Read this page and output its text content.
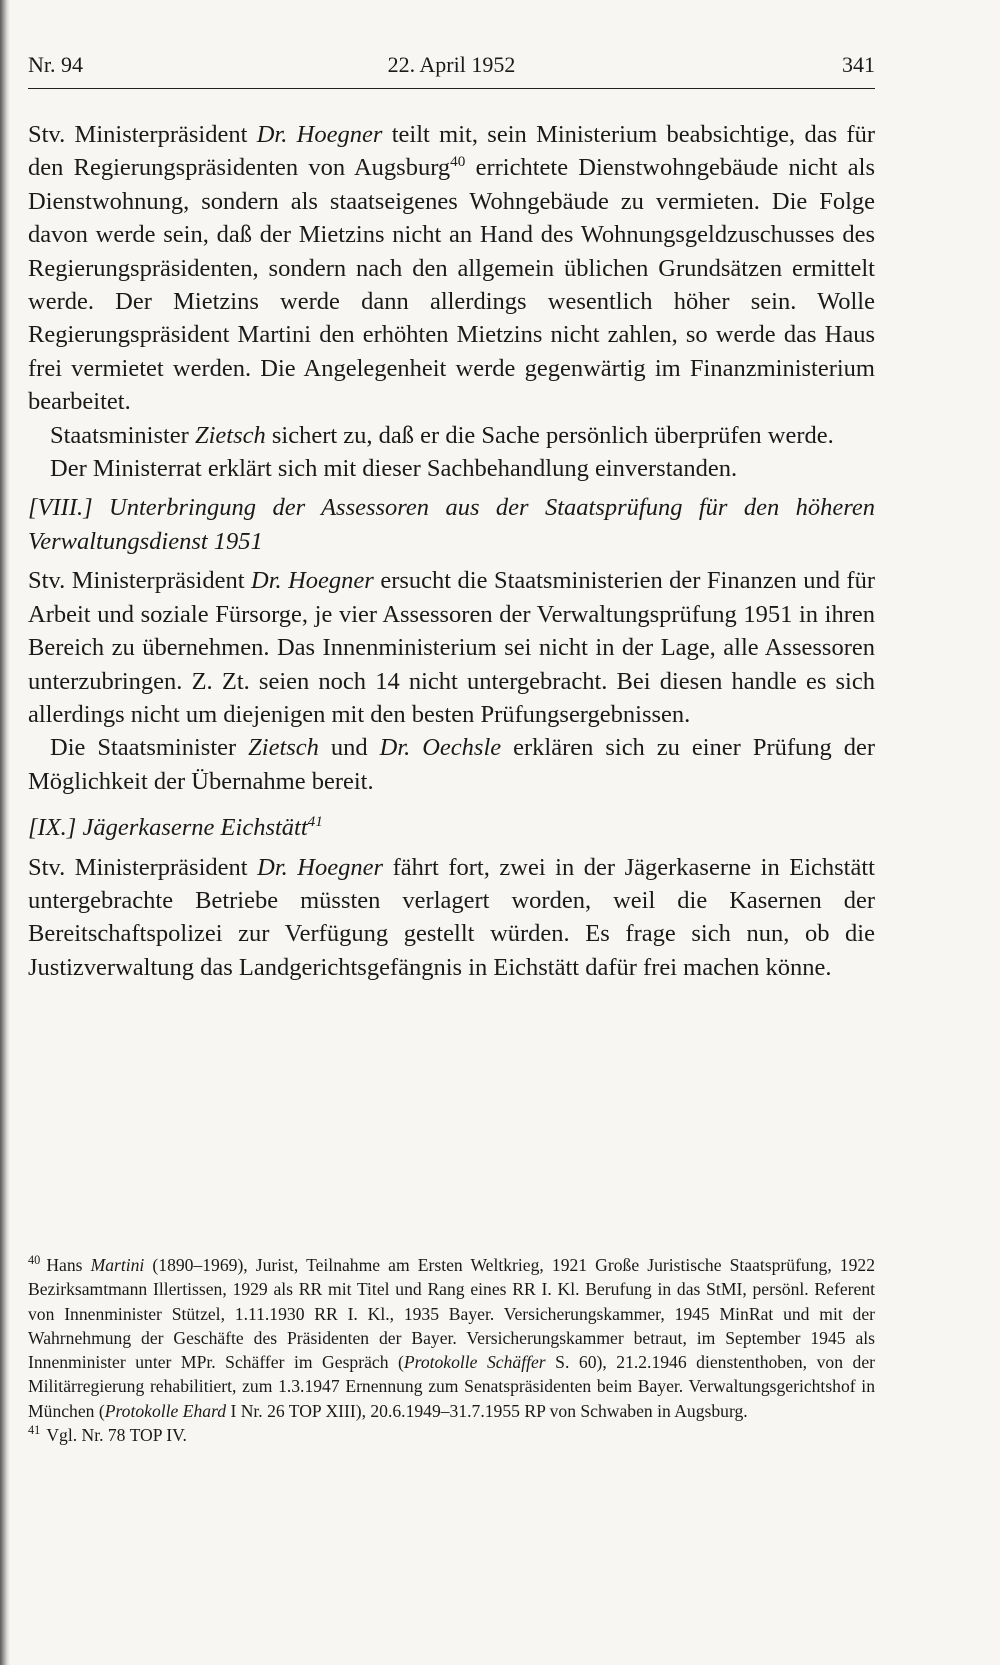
Nr. 94	22. April 1952	341

Stv. Ministerpräsident Dr. Hoegner teilt mit, sein Ministerium beabsichtige, das für den Regierungspräsidenten von Augsburg$^{40}$ errichtete Dienstwohngebäude nicht als Dienstwohnung, sondern als staatseigenes Wohngebäude zu vermieten. Die Folge davon werde sein, daß der Mietzins nicht an Hand des Wohnungsgeldzuschusses des Regierungspräsidenten, sondern nach den allgemein üblichen Grundsätzen ermittelt werde. Der Mietzins werde dann allerdings wesentlich höher sein. Wolle Regierungspräsident Martini den erhöhten Mietzins nicht zahlen, so werde das Haus frei vermietet werden. Die Angelegenheit werde gegenwärtig im Finanzministerium bearbeitet.

Staatsminister Zietsch sichert zu, daß er die Sache persönlich überprüfen werde.

Der Ministerrat erklärt sich mit dieser Sachbehandlung einverstanden.

[VIII.] Unterbringung der Assessoren aus der Staatsprüfung für den höheren Verwaltungsdienst 1951

Stv. Ministerpräsident Dr. Hoegner ersucht die Staatsministerien der Finanzen und für Arbeit und soziale Fürsorge, je vier Assessoren der Verwaltungsprüfung 1951 in ihren Bereich zu übernehmen. Das Innenministerium sei nicht in der Lage, alle Assessoren unterzubringen. Z. Zt. seien noch 14 nicht untergebracht. Bei diesen handle es sich allerdings nicht um diejenigen mit den besten Prüfungsergebnissen.

Die Staatsminister Zietsch und Dr. Oechsle erklären sich zu einer Prüfung der Möglichkeit der Übernahme bereit.

[IX.] Jägerkaserne Eichstätt$^{41}$

Stv. Ministerpräsident Dr. Hoegner fährt fort, zwei in der Jägerkaserne in Eichstätt untergebrachte Betriebe müssten verlagert worden, weil die Kasernen der Bereitschaftspolizei zur Verfügung gestellt würden. Es frage sich nun, ob die Justizverwaltung das Landgerichtsgefängnis in Eichstätt dafür frei machen könne.

$^{40}$ Hans Martini (1890–1969), Jurist, Teilnahme am Ersten Weltkrieg, 1921 Große Juristische Staatsprüfung, 1922 Bezirksamtmann Illertissen, 1929 als RR mit Titel und Rang eines RR I. Kl. Berufung in das StMI, persönl. Referent von Innenminister Stützel, 1.11.1930 RR I. Kl., 1935 Bayer. Versicherungskammer, 1945 MinRat und mit der Wahrnehmung der Geschäfte des Präsidenten der Bayer. Versicherungskammer betraut, im September 1945 als Innenminister unter MPr. Schäffer im Gespräch (Protokolle Schäffer S. 60), 21.2.1946 dienstenthoben, von der Militärregierung rehabilitiert, zum 1.3.1947 Ernennung zum Senatspräsidenten beim Bayer. Verwaltungsgerichtshof in München (Protokolle Ehard I Nr. 26 TOP XIII), 20.6.1949–31.7.1955 RP von Schwaben in Augsburg.

$^{41}$ Vgl. Nr. 78 TOP IV.
